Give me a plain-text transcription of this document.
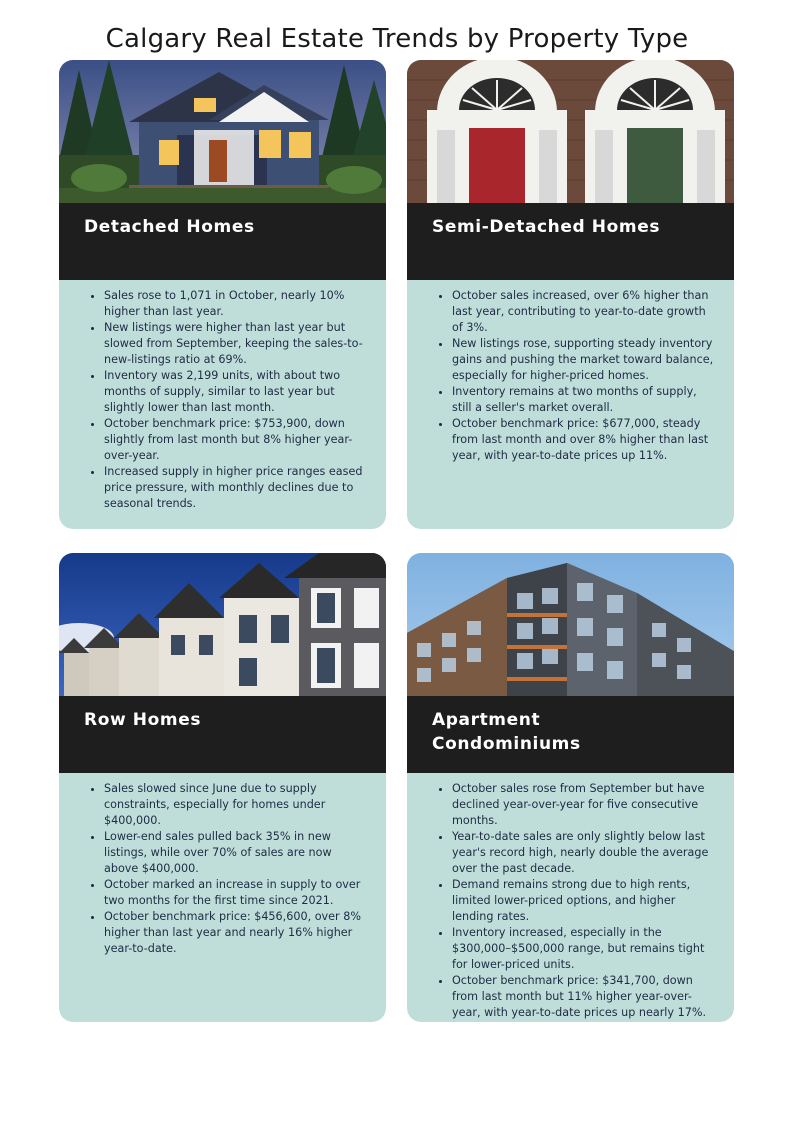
Calgary Real Estate Trends by Property Type
Detached Homes
• Sales rose to 1,071 in October, nearly 10% higher than last year.
• New listings were higher than last year but slowed from September, keeping the sales-to-new-listings ratio at 69%.
• Inventory was 2,199 units, with about two months of supply, similar to last year but slightly lower than last month.
• October benchmark price: $753,900, down slightly from last month but 8% higher year-over-year.
• Increased supply in higher price ranges eased price pressure, with monthly declines due to seasonal trends.
Semi-Detached Homes
• October sales increased, over 6% higher than last year, contributing to year-to-date growth of 3%.
• New listings rose, supporting steady inventory gains and pushing the market toward balance, especially for higher-priced homes.
• Inventory remains at two months of supply, still a seller's market overall.
• October benchmark price: $677,000, steady from last month and over 8% higher than last year, with year-to-date prices up 11%.
Row Homes
• Sales slowed since June due to supply constraints, especially for homes under $400,000.
• Lower-end sales pulled back 35% in new listings, while over 70% of sales are now above $400,000.
• October marked an increase in supply to over two months for the first time since 2021.
• October benchmark price: $456,600, over 8% higher than last year and nearly 16% higher year-to-date.
Apartment Condominiums
• October sales rose from September but have declined year-over-year for five consecutive months.
• Year-to-date sales are only slightly below last year's record high, nearly double the average over the past decade.
• Demand remains strong due to high rents, limited lower-priced options, and higher lending rates.
• Inventory increased, especially in the $300,000–$500,000 range, but remains tight for lower-priced units.
• October benchmark price: $341,700, down from last month but 11% higher year-over-year, with year-to-date prices up nearly 17%.
